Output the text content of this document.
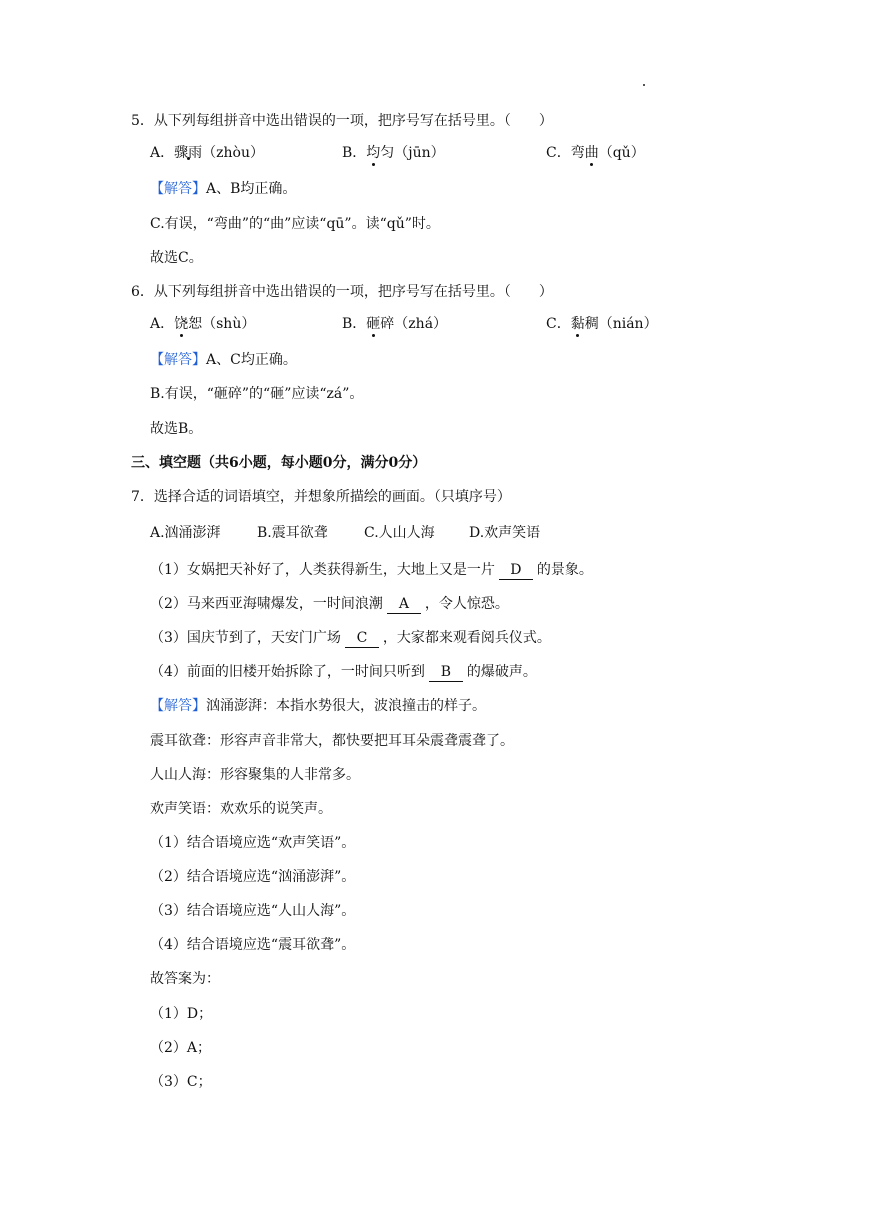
5．从下列每组拼音中选出错误的一项，把序号写在括号里。（　　）
A．骤雨（zhòu）	B．均匀（jūn）	C．弯曲（qǔ）
【解答】A、B均正确。
C.有误，“弯曲”的“曲”应读“qū”。读“qǔ”时。
故选C。
6．从下列每组拼音中选出错误的一项，把序号写在括号里。（　　）
A．饶恕（shù）	B．砸碎（zhá）	C．黏稠（nián）
【解答】A、C均正确。
B.有误，“砸碎”的“砸”应读“zá”。
故选B。
三、填空题（共6小题，每小题0分，满分0分）
7．选择合适的词语填空，并想象所描绘的画面。（只填序号）
A.汹涌澎湃	B.震耳欲聋	C.人山人海 D.欢声笑语
（1）女娲把天补好了，人类获得新生，大地上又是一片 D 的景象。
（2）马来西亚海啸爆发，一时间浪潮 A ，令人惊恐。
（3）国庆节到了，天安门广场 C ，大家都来观看阅兵仪式。
（4）前面的旧楼开始拆除了，一时间只听到 B 的爆破声。
【解答】汹涌澎湃：本指水势很大，波浪撞击的样子。
震耳欲聋：形容声音非常大，都快要把耳耳朵震聋震聋了。
人山人海：形容聚集的人非常多。
欢声笑语：欢欢乐的说笑声。
（1）结合语境应选“欢声笑语”。
（2）结合语境应选“汹涌澎湃”。
（3）结合语境应选“人山人海”。
（4）结合语境应选“震耳欲聋”。
故答案为：
（1）D；
（2）A；
（3）C；
